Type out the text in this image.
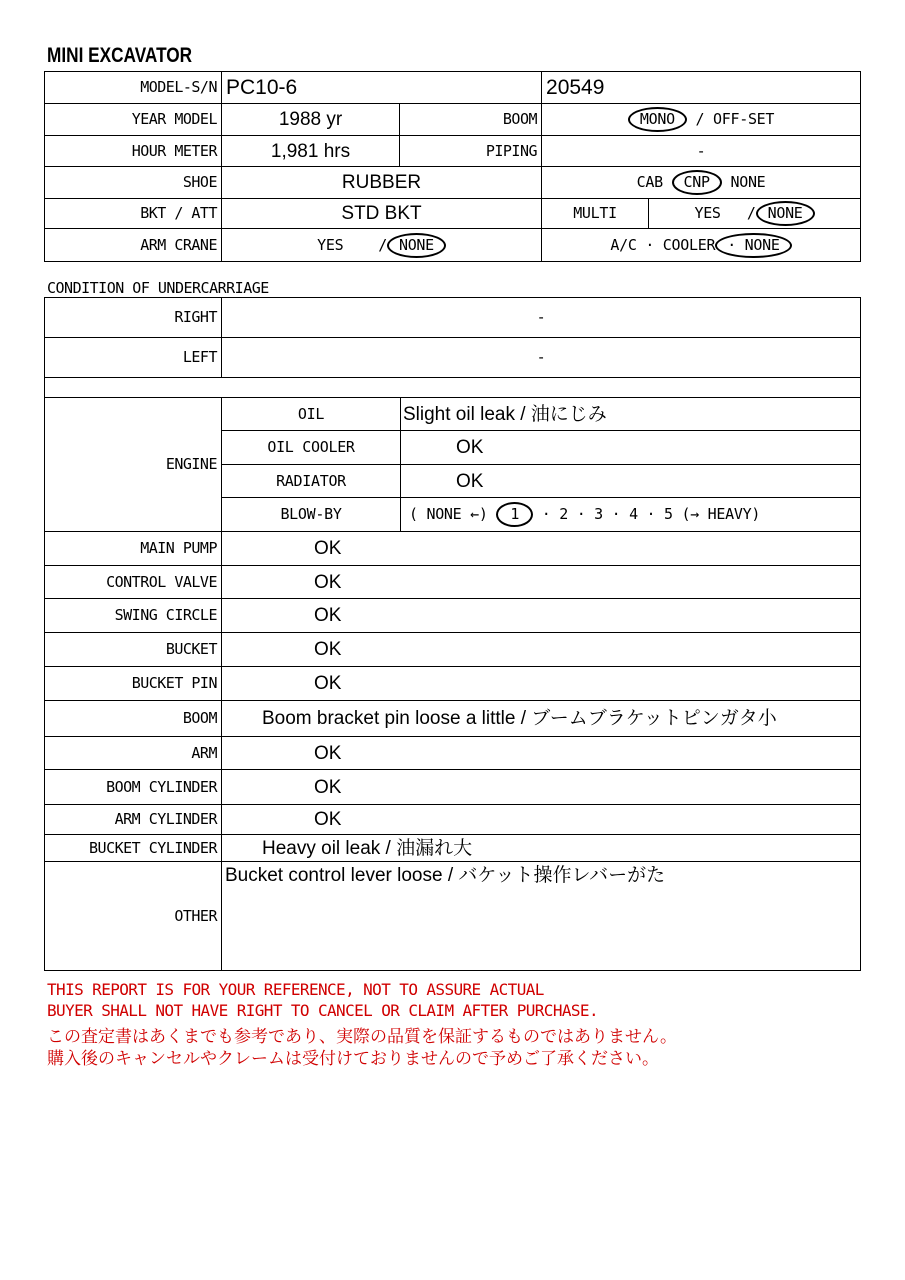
MINI EXCAVATOR
MODEL-S/N	PC10-6		20549	
YEAR MODEL	1988 yr	BOOM	MONO / OFF-SET	
HOUR METER	1,981 hrs	PIPING	-	
SHOE	RUBBER		CAB CNP NONE	
BKT / ATT	STD BKT		MULTI	YES   / NONE
ARM CRANE	YES    / NONE		A/C · COOLER · NONE	
CONDITION OF UNDERCARRIAGE
RIGHT	-	
LEFT	-	

ENGINE	OIL	Slight oil leak / 油にじみ
	OIL COOLER	OK
	RADIATOR	OK
	BLOW-BY	( NONE ←) 1 · 2 · 3 · 4 · 5 (→ HEAVY)
MAIN PUMP	OK	
CONTROL VALVE	OK	
SWING CIRCLE	OK	
BUCKET	OK	
BUCKET PIN	OK	
BOOM	Boom bracket pin loose a little / ブームブラケットピンガタ小	
ARM	OK	
BOOM CYLINDER	OK	
ARM CYLINDER	OK	
BUCKET CYLINDER	Heavy oil leak / 油漏れ大	
OTHER	Bucket control lever loose / バケット操作レバーがた	
THIS REPORT IS FOR YOUR REFERENCE, NOT TO ASSURE ACTUAL
BUYER SHALL NOT HAVE RIGHT TO CANCEL OR CLAIM AFTER PURCHASE.
この査定書はあくまでも参考であり、実際の品質を保証するものではありません。
購入後のキャンセルやクレームは受付けておりませんので予めご了承ください。
